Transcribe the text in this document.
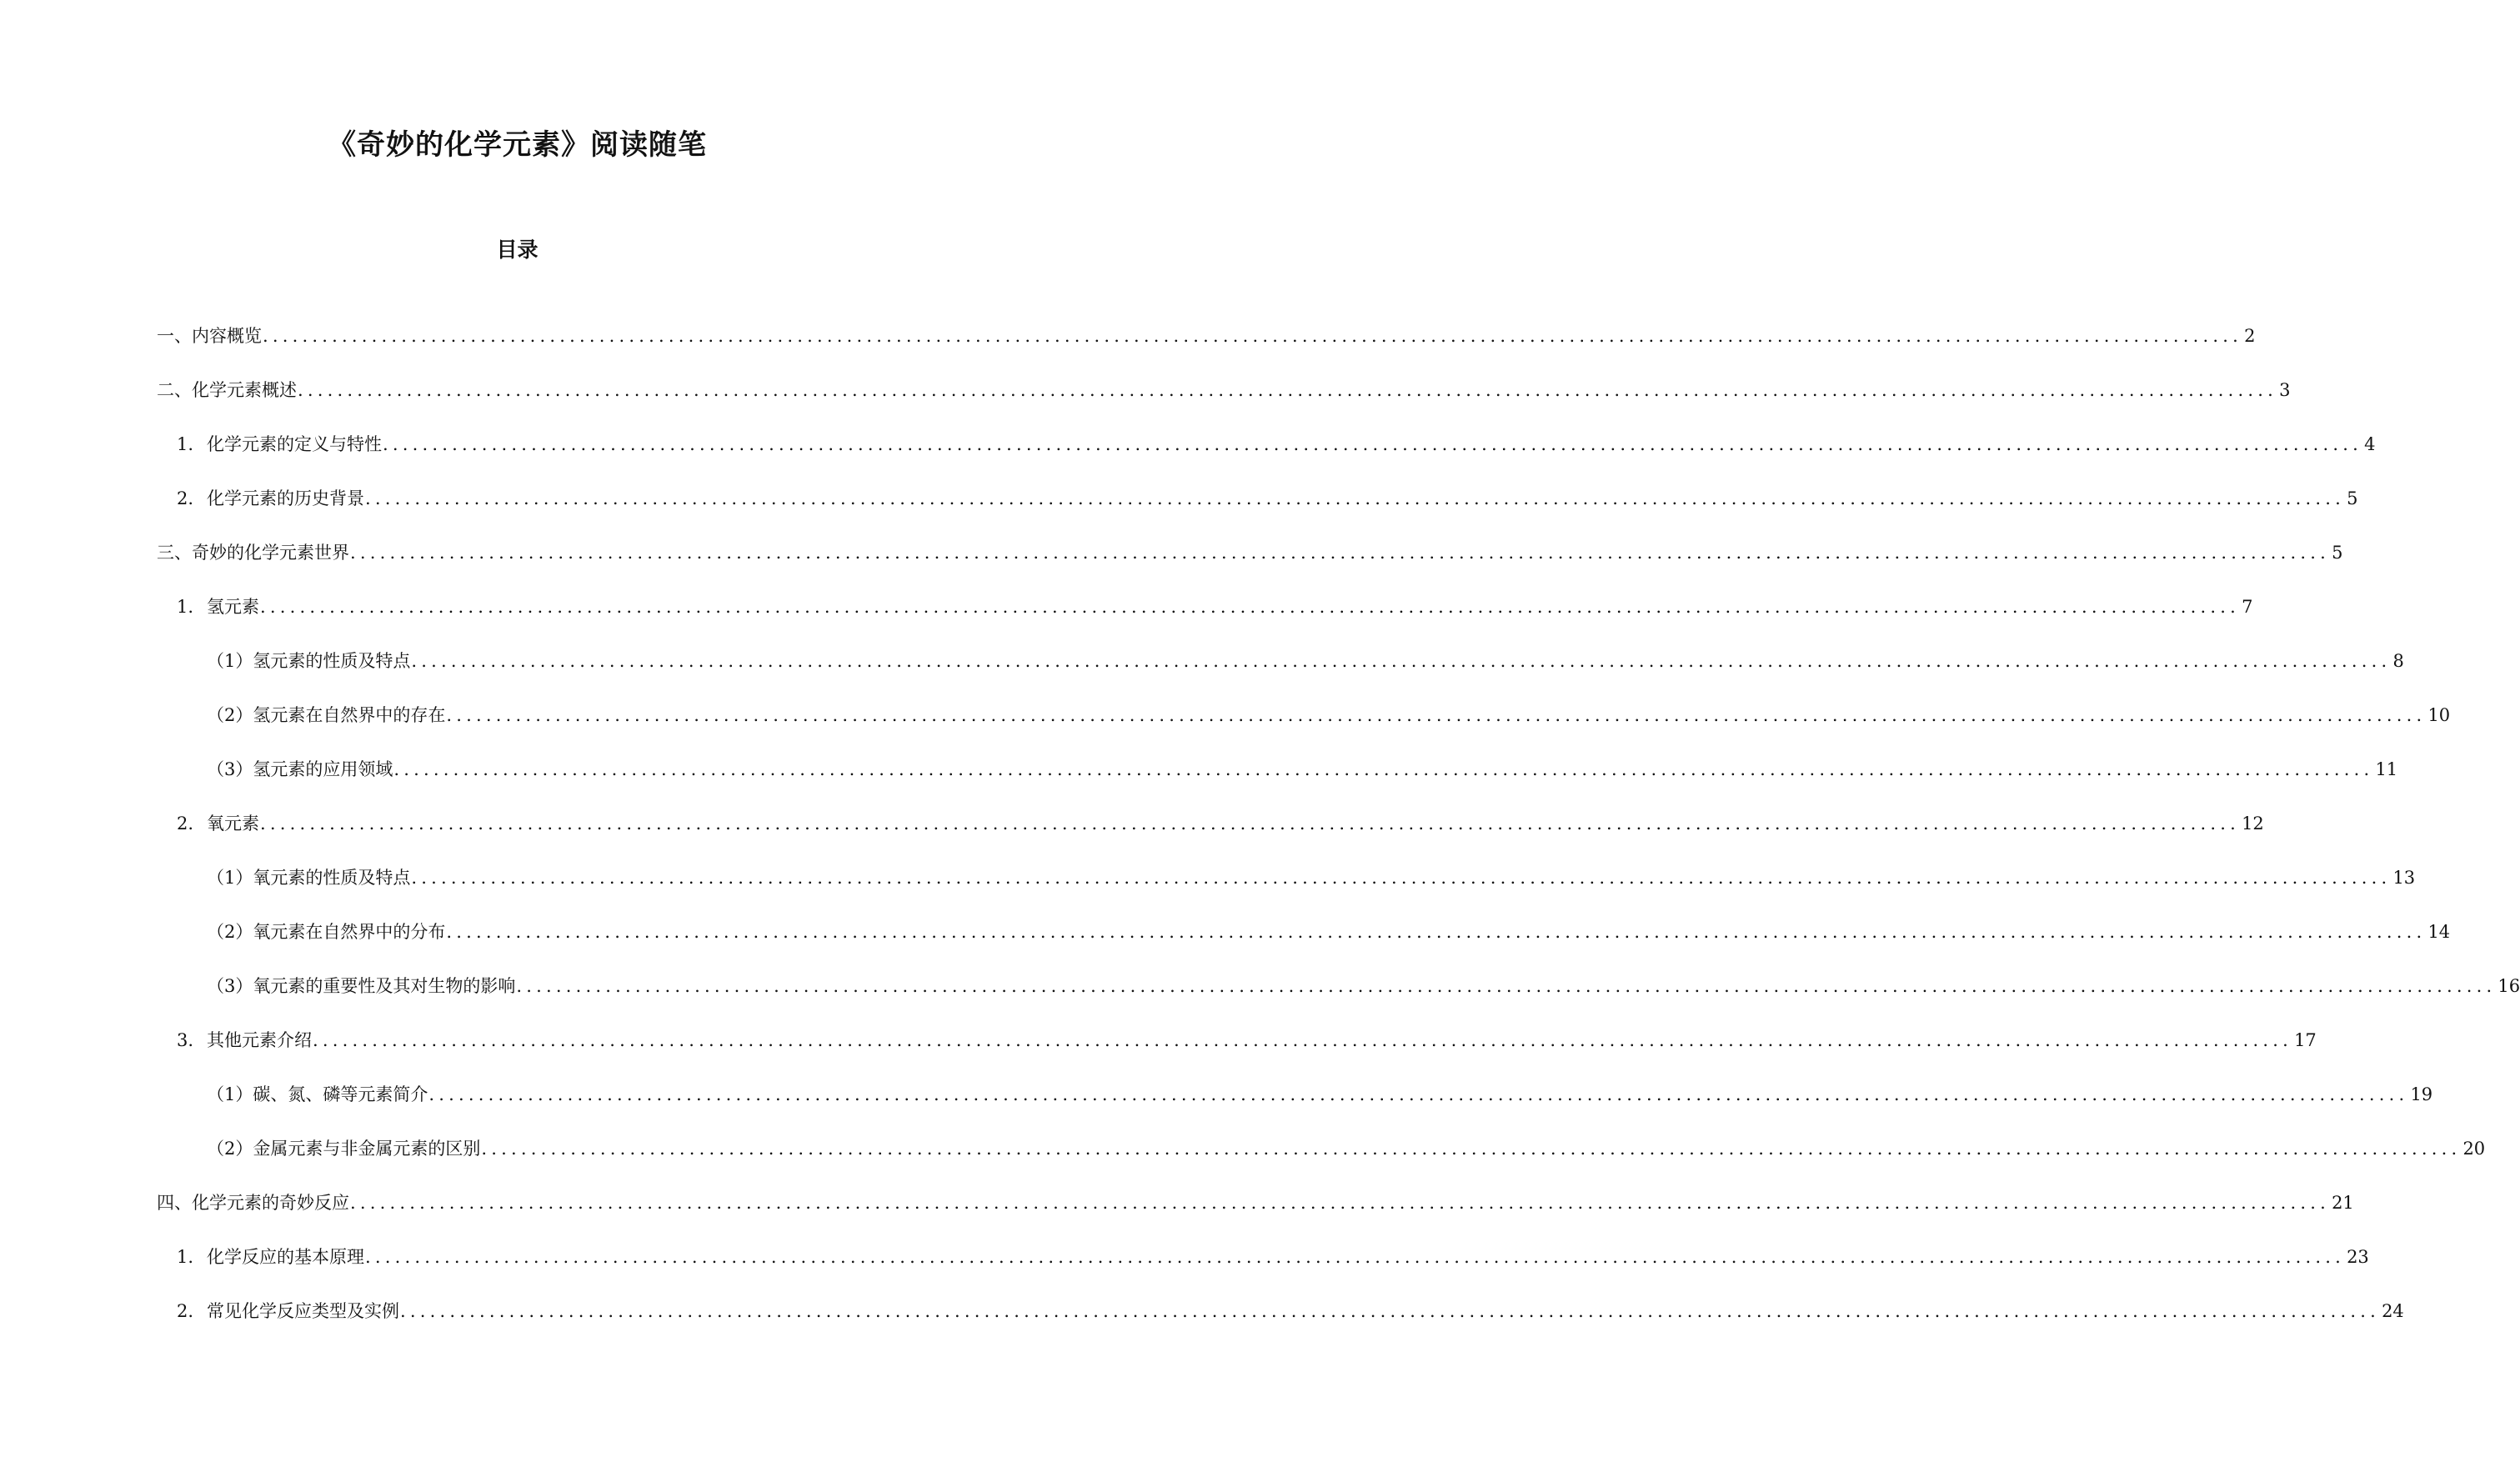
《奇妙的化学元素》阅读随笔
目录
一、内容概览 ........................................................................................................................................................................................................ 2
二、化学元素概述 ........................................................................................................................................................................................................ 3
1. 化学元素的定义与特性 ........................................................................................................................................................................................................ 4
2. 化学元素的历史背景 ........................................................................................................................................................................................................ 5
三、奇妙的化学元素世界 ........................................................................................................................................................................................................ 5
1. 氢元素 ........................................................................................................................................................................................................ 7
（1）氢元素的性质及特点 ........................................................................................................................................................................................................ 8
（2）氢元素在自然界中的存在 ........................................................................................................................................................................................................ 10
（3）氢元素的应用领域 ........................................................................................................................................................................................................ 11
2. 氧元素 ........................................................................................................................................................................................................ 12
（1）氧元素的性质及特点 ........................................................................................................................................................................................................ 13
（2）氧元素在自然界中的分布 ........................................................................................................................................................................................................ 14
（3）氧元素的重要性及其对生物的影响 ........................................................................................................................................................................................................ 16
3. 其他元素介绍 ........................................................................................................................................................................................................ 17
（1）碳、氮、磷等元素简介 ........................................................................................................................................................................................................ 19
（2）金属元素与非金属元素的区别 ........................................................................................................................................................................................................ 20
四、化学元素的奇妙反应 ........................................................................................................................................................................................................ 21
1. 化学反应的基本原理 ........................................................................................................................................................................................................ 23
2. 常见化学反应类型及实例 ........................................................................................................................................................................................................ 24
